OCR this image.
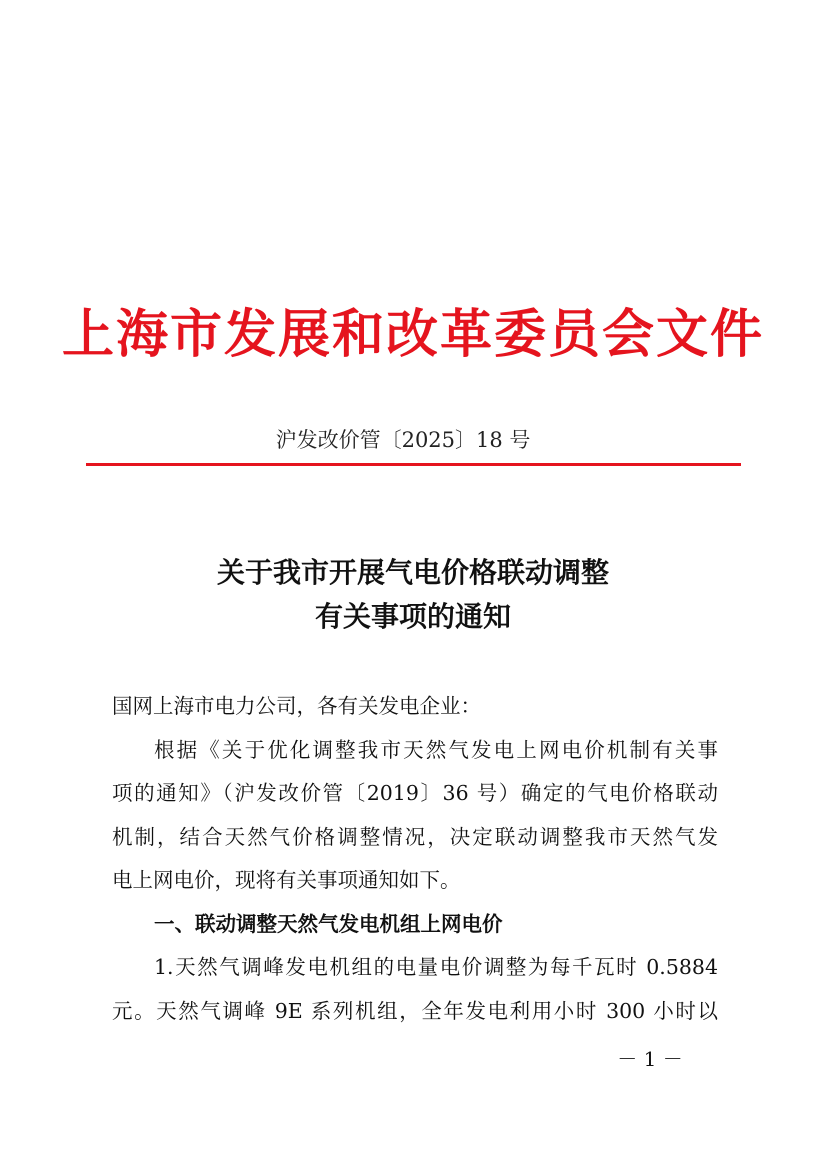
上海市发展和改革委员会文件
沪发改价管〔2025〕18 号
关于我市开展气电价格联动调整
有关事项的通知
国网上海市电力公司，各有关发电企业：
根据《关于优化调整我市天然气发电上网电价机制有关事
项的通知》（沪发改价管〔2019〕36 号）确定的气电价格联动
机制，结合天然气价格调整情况，决定联动调整我市天然气发
电上网电价，现将有关事项通知如下。
一、联动调整天然气发电机组上网电价
1.天然气调峰发电机组的电量电价调整为每千瓦时 0.5884
元。天然气调峰 9E 系列机组，全年发电利用小时 300 小时以
－ 1 －
